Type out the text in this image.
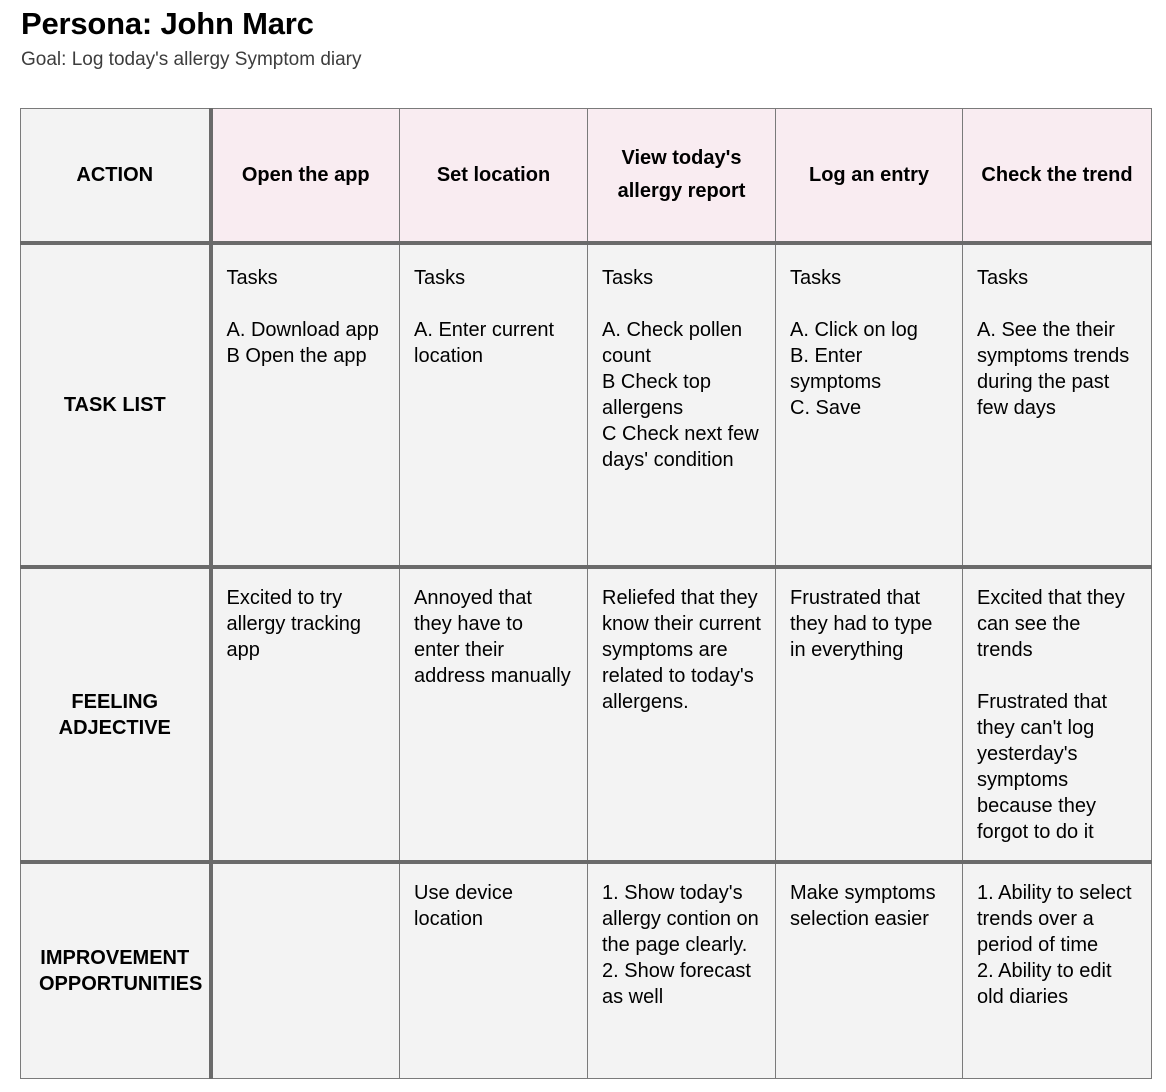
Persona: John Marc
Goal: Log today's allergy Symptom diary
ACTION	Open the app	Set location	View today's allergy report	Log an entry	Check the trend
TASK LIST	Tasks

A. Download app
B Open the app	Tasks

A. Enter current location	Tasks

A. Check pollen count
B Check top allergens
C Check next few days' condition	Tasks

A. Click on log
B. Enter symptoms
C. Save	Tasks

A. See the their symptoms trends during the past few days

FEELING ADJECTIVE	Excited to try allergy tracking app	Annoyed that they have to enter their address manually	Reliefed that they know their current symptoms are related to today's allergens.	Frustrated that they had to type in everything	Excited that they can see the trends

Frustrated that they can't log yesterday's symptoms because they forgot to do it

IMPROVEMENT OPPORTUNITIES		Use device location	1. Show today's allergy contion on the page clearly.
2. Show forecast as well	Make symptoms selection easier	1. Ability to select trends over a period of time
2. Ability to edit old diaries
